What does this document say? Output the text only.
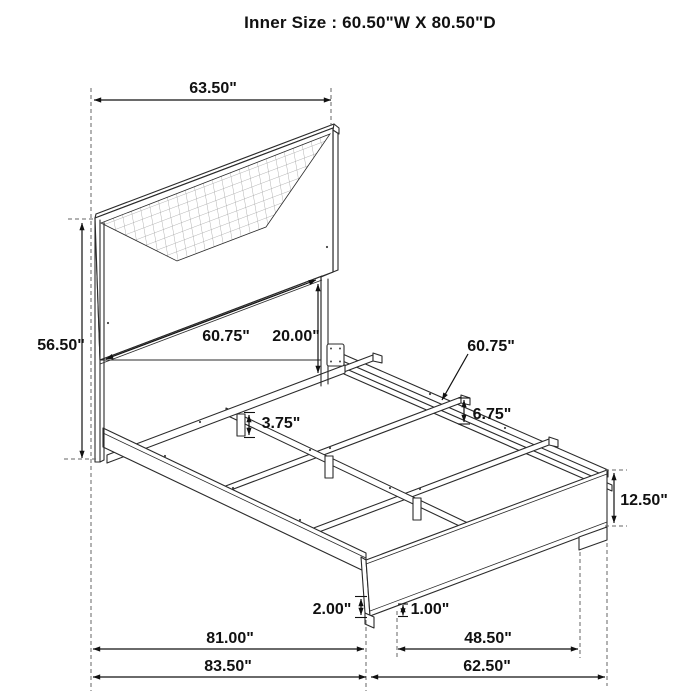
63.50"
56.50"
60.75" 20.00"
3.75"
60.75"
6.75"
12.50"
2.00"	1.00"
81.00"	48.50"
83.50"	62.50"
Inner Size : 60.50"W X 80.50"D
